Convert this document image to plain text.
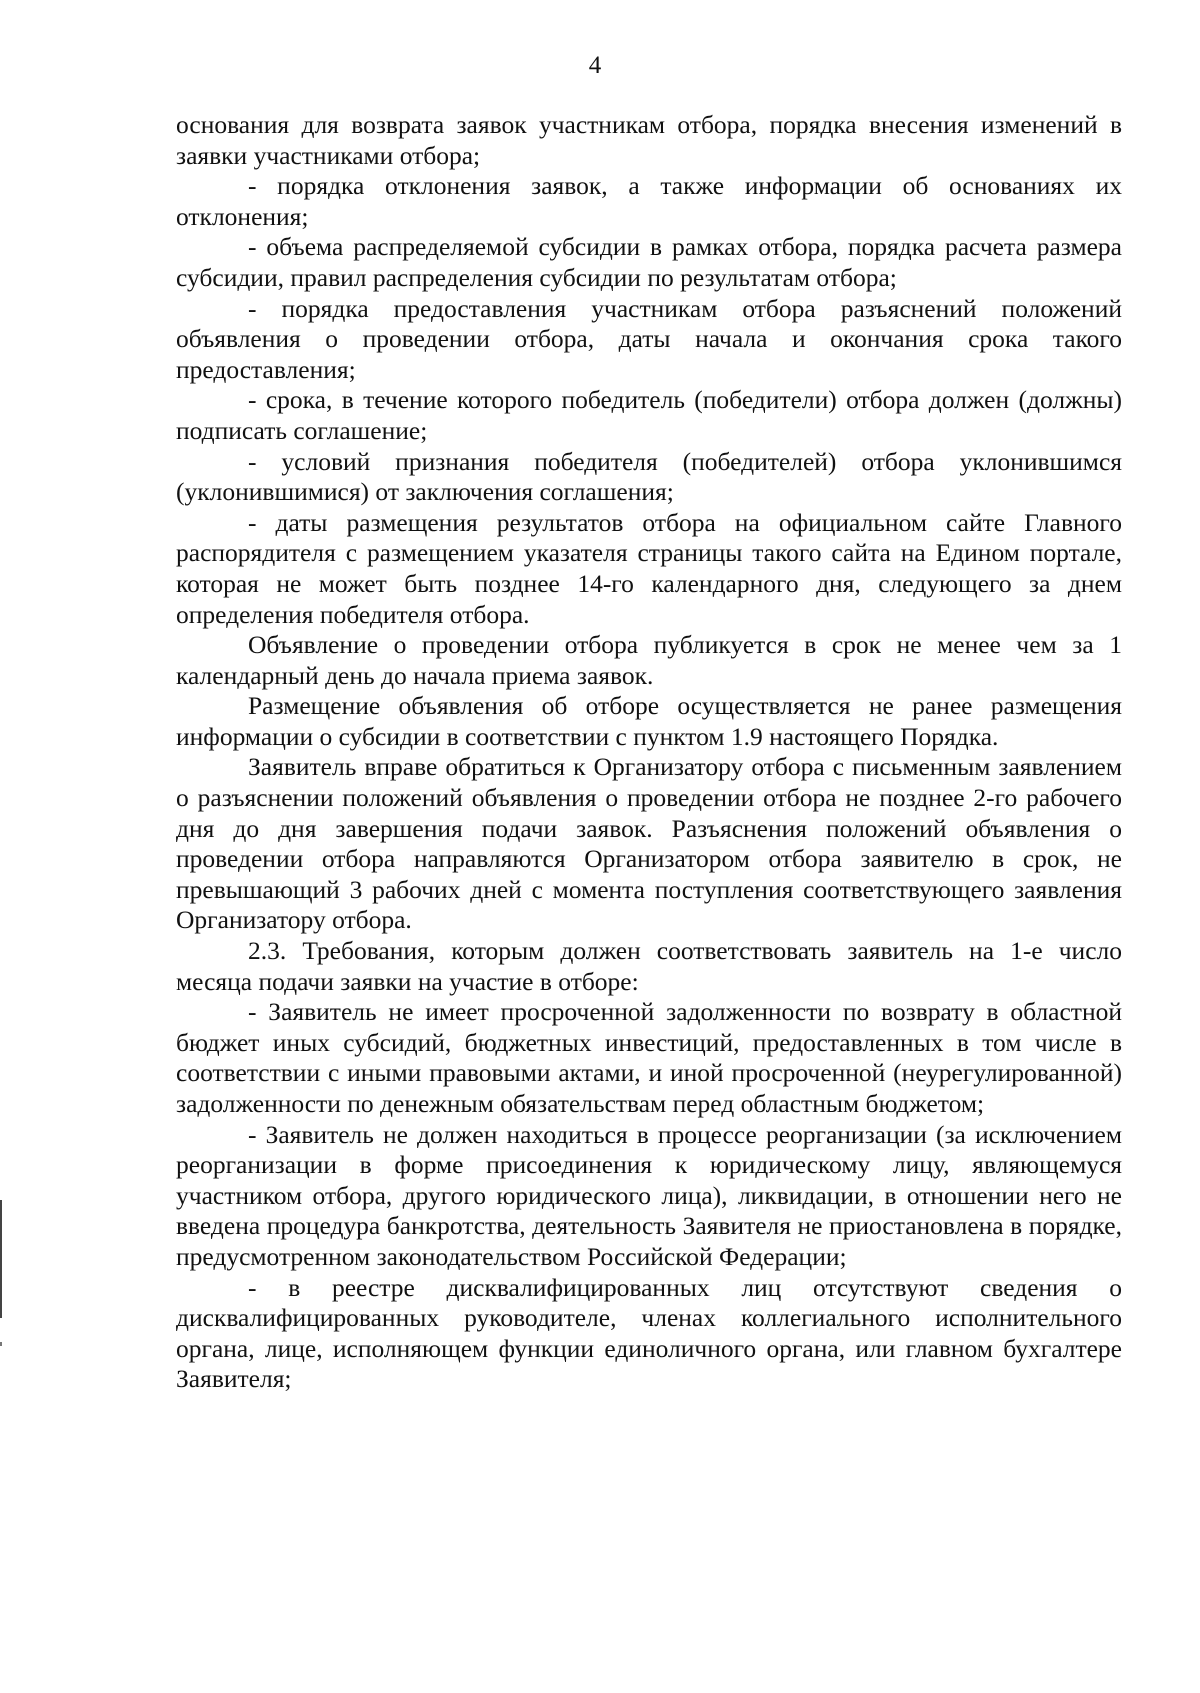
4

основания для возврата заявок участникам отбора, порядка внесения изменений в заявки участниками отбора;

- порядка отклонения заявок, а также информации об основаниях их отклонения;

- объема распределяемой субсидии в рамках отбора, порядка расчета размера субсидии, правил распределения субсидии по результатам отбора;

- порядка предоставления участникам отбора разъяснений положений объявления о проведении отбора, даты начала и окончания срока такого предоставления;

- срока, в течение которого победитель (победители) отбора должен (должны) подписать соглашение;

- условий признания победителя (победителей) отбора уклонившимся (уклонившимися) от заключения соглашения;

- даты размещения результатов отбора на официальном сайте Главного распорядителя с размещением указателя страницы такого сайта на Едином портале, которая не может быть позднее 14-го календарного дня, следующего за днем определения победителя отбора.

Объявление о проведении отбора публикуется в срок не менее чем за 1 календарный день до начала приема заявок.

Размещение объявления об отборе осуществляется не ранее размещения информации о субсидии в соответствии с пунктом 1.9 настоящего Порядка.

Заявитель вправе обратиться к Организатору отбора с письменным заявлением о разъяснении положений объявления о проведении отбора не позднее 2-го рабочего дня до дня завершения подачи заявок. Разъяснения положений объявления о проведении отбора направляются Организатором отбора заявителю в срок, не превышающий 3 рабочих дней с момента поступления соответствующего заявления Организатору отбора.

2.3. Требования, которым должен соответствовать заявитель на 1-е число месяца подачи заявки на участие в отборе:

- Заявитель не имеет просроченной задолженности по возврату в областной бюджет иных субсидий, бюджетных инвестиций, предоставленных в том числе в соответствии с иными правовыми актами, и иной просроченной (неурегулированной) задолженности по денежным обязательствам перед областным бюджетом;

- Заявитель не должен находиться в процессе реорганизации (за исключением реорганизации в форме присоединения к юридическому лицу, являющемуся участником отбора, другого юридического лица), ликвидации, в отношении него не введена процедура банкротства, деятельность Заявителя не приостановлена в порядке, предусмотренном законодательством Российской Федерации;

- в реестре дисквалифицированных лиц отсутствуют сведения о дисквалифицированных руководителе, членах коллегиального исполнительного органа, лице, исполняющем функции единоличного органа, или главном бухгалтере Заявителя;
